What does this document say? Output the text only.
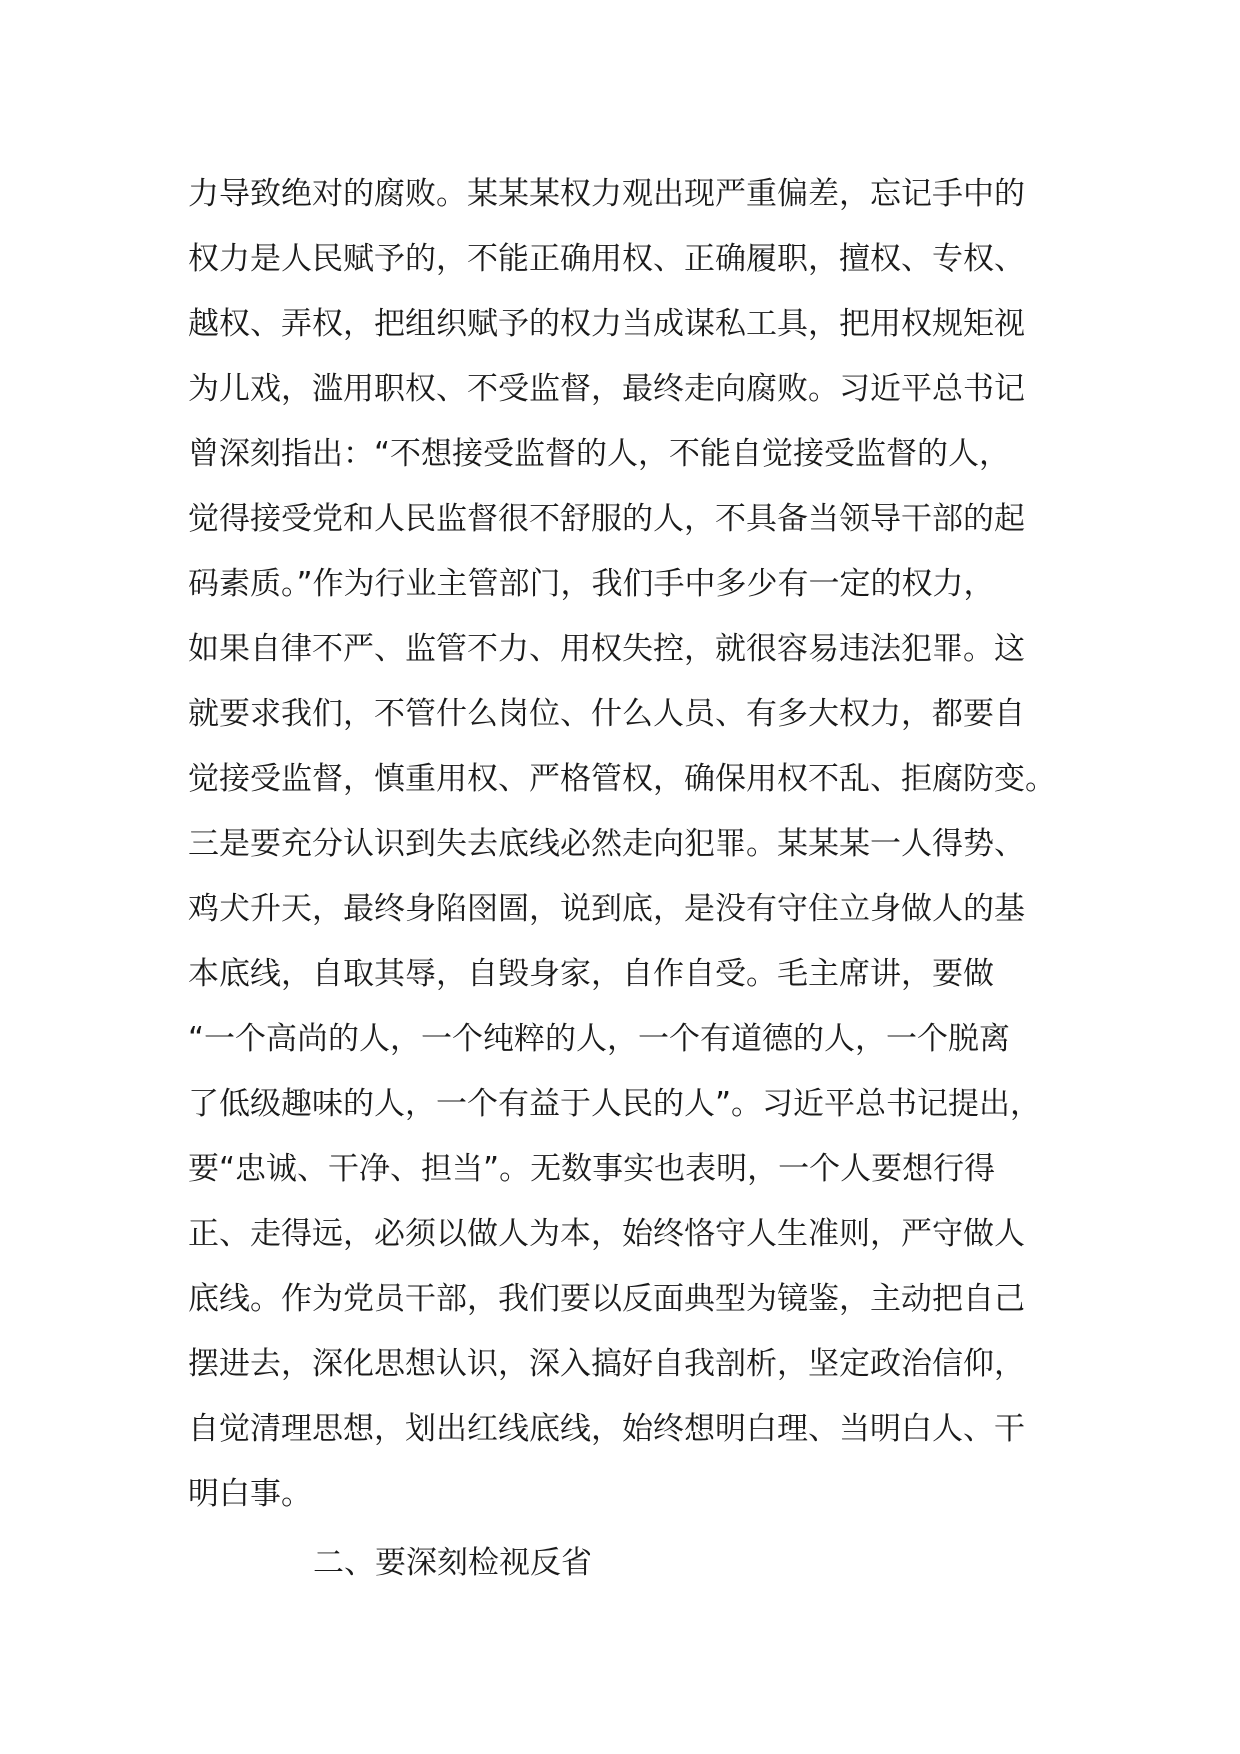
力导致绝对的腐败。某某某权力观出现严重偏差，忘记手中的
权力是人民赋予的，不能正确用权、正确履职，擅权、专权、
越权、弄权，把组织赋予的权力当成谋私工具，把用权规矩视
为儿戏，滥用职权、不受监督，最终走向腐败。习近平总书记
曾深刻指出：“不想接受监督的人，不能自觉接受监督的人，
觉得接受党和人民监督很不舒服的人，不具备当领导干部的起
码素质。”作为行业主管部门，我们手中多少有一定的权力，
如果自律不严、监管不力、用权失控，就很容易违法犯罪。这
就要求我们，不管什么岗位、什么人员、有多大权力，都要自
觉接受监督，慎重用权、严格管权，确保用权不乱、拒腐防变。
三是要充分认识到失去底线必然走向犯罪。某某某一人得势、
鸡犬升天，最终身陷囹圄，说到底，是没有守住立身做人的基
本底线，自取其辱，自毁身家，自作自受。毛主席讲，要做
“一个高尚的人，一个纯粹的人，一个有道德的人，一个脱离
了低级趣味的人，一个有益于人民的人”。习近平总书记提出，
要“忠诚、干净、担当”。无数事实也表明，一个人要想行得
正、走得远，必须以做人为本，始终恪守人生准则，严守做人
底线。作为党员干部，我们要以反面典型为镜鉴，主动把自己
摆进去，深化思想认识，深入搞好自我剖析，坚定政治信仰，
自觉清理思想，划出红线底线，始终想明白理、当明白人、干
明白事。
二、要深刻检视反省
